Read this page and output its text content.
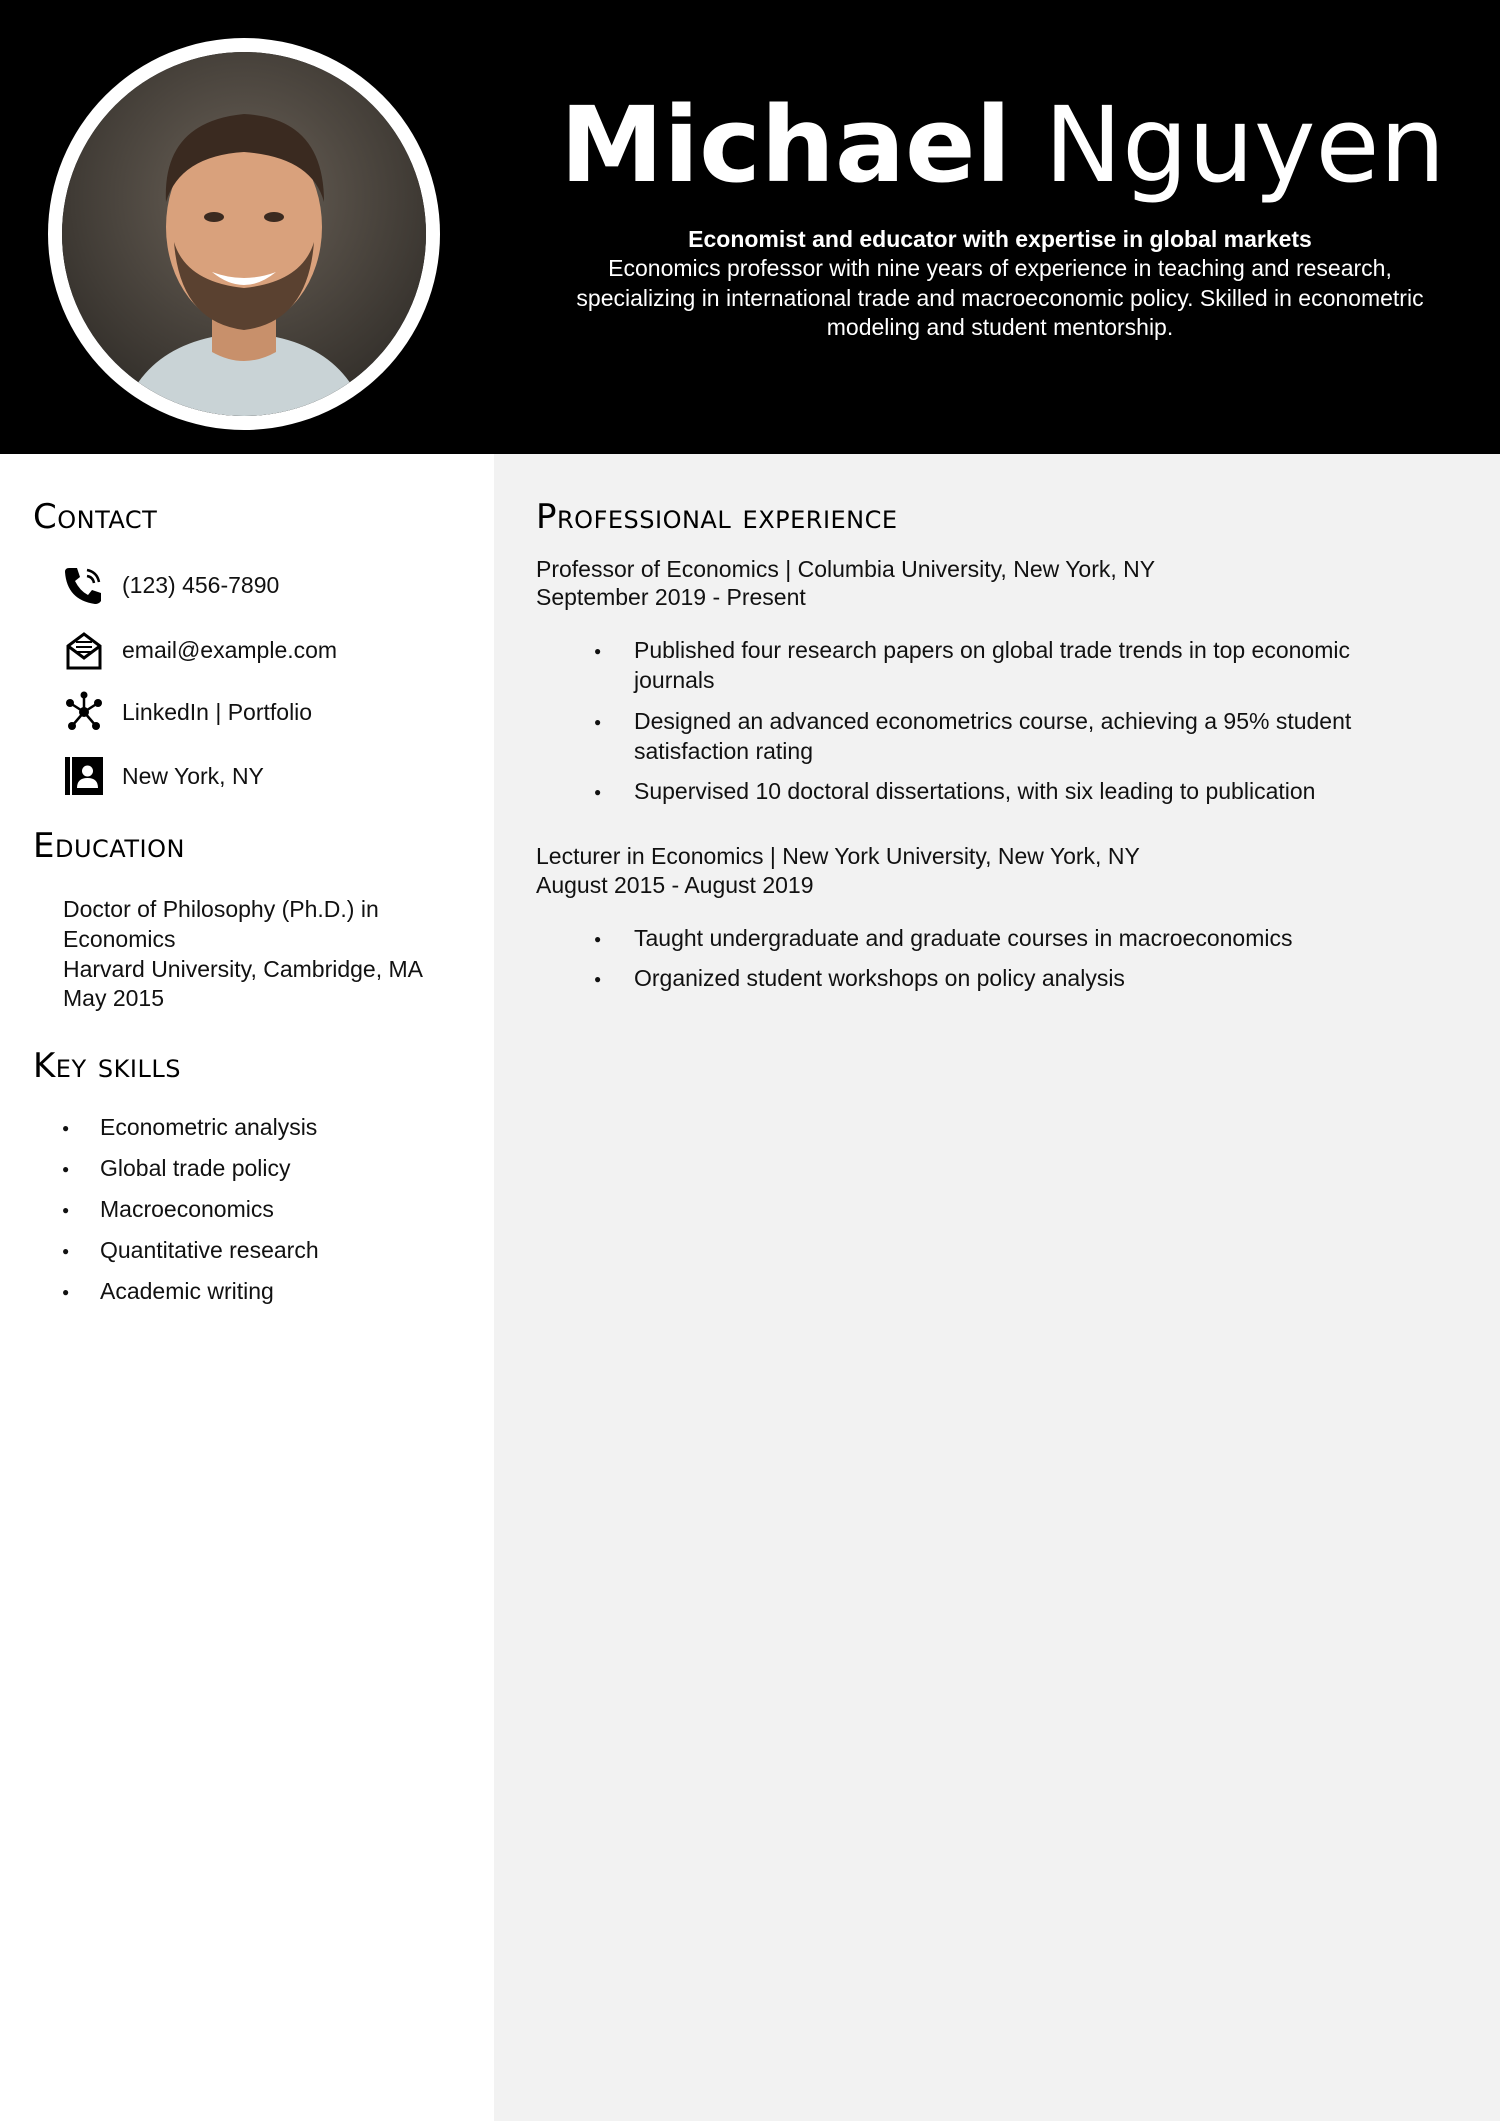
Michael Nguyen
Economist and educator with expertise in global markets
Economics professor with nine years of experience in teaching and research, specializing in international trade and macroeconomic policy. Skilled in econometric modeling and student mentorship.
Contact
(123) 456-7890
email@example.com
LinkedIn | Portfolio
New York, NY
Education
Doctor of Philosophy (Ph.D.) in
Economics
Harvard University, Cambridge, MA
May 2015
Key skills
●
Econometric analysis
●
Global trade policy
●
Macroeconomics
●
Quantitative research
●
Academic writing
Professional experience
Professor of Economics | Columbia University, New York, NY
September 2019 - Present
●
Published four research papers on global trade trends in top economic journals
●
Designed an advanced econometrics course, achieving a 95% student satisfaction rating
●
Supervised 10 doctoral dissertations, with six leading to publication
Lecturer in Economics | New York University, New York, NY
August 2015 - August 2019
●
Taught undergraduate and graduate courses in macroeconomics
●
Organized student workshops on policy analysis
